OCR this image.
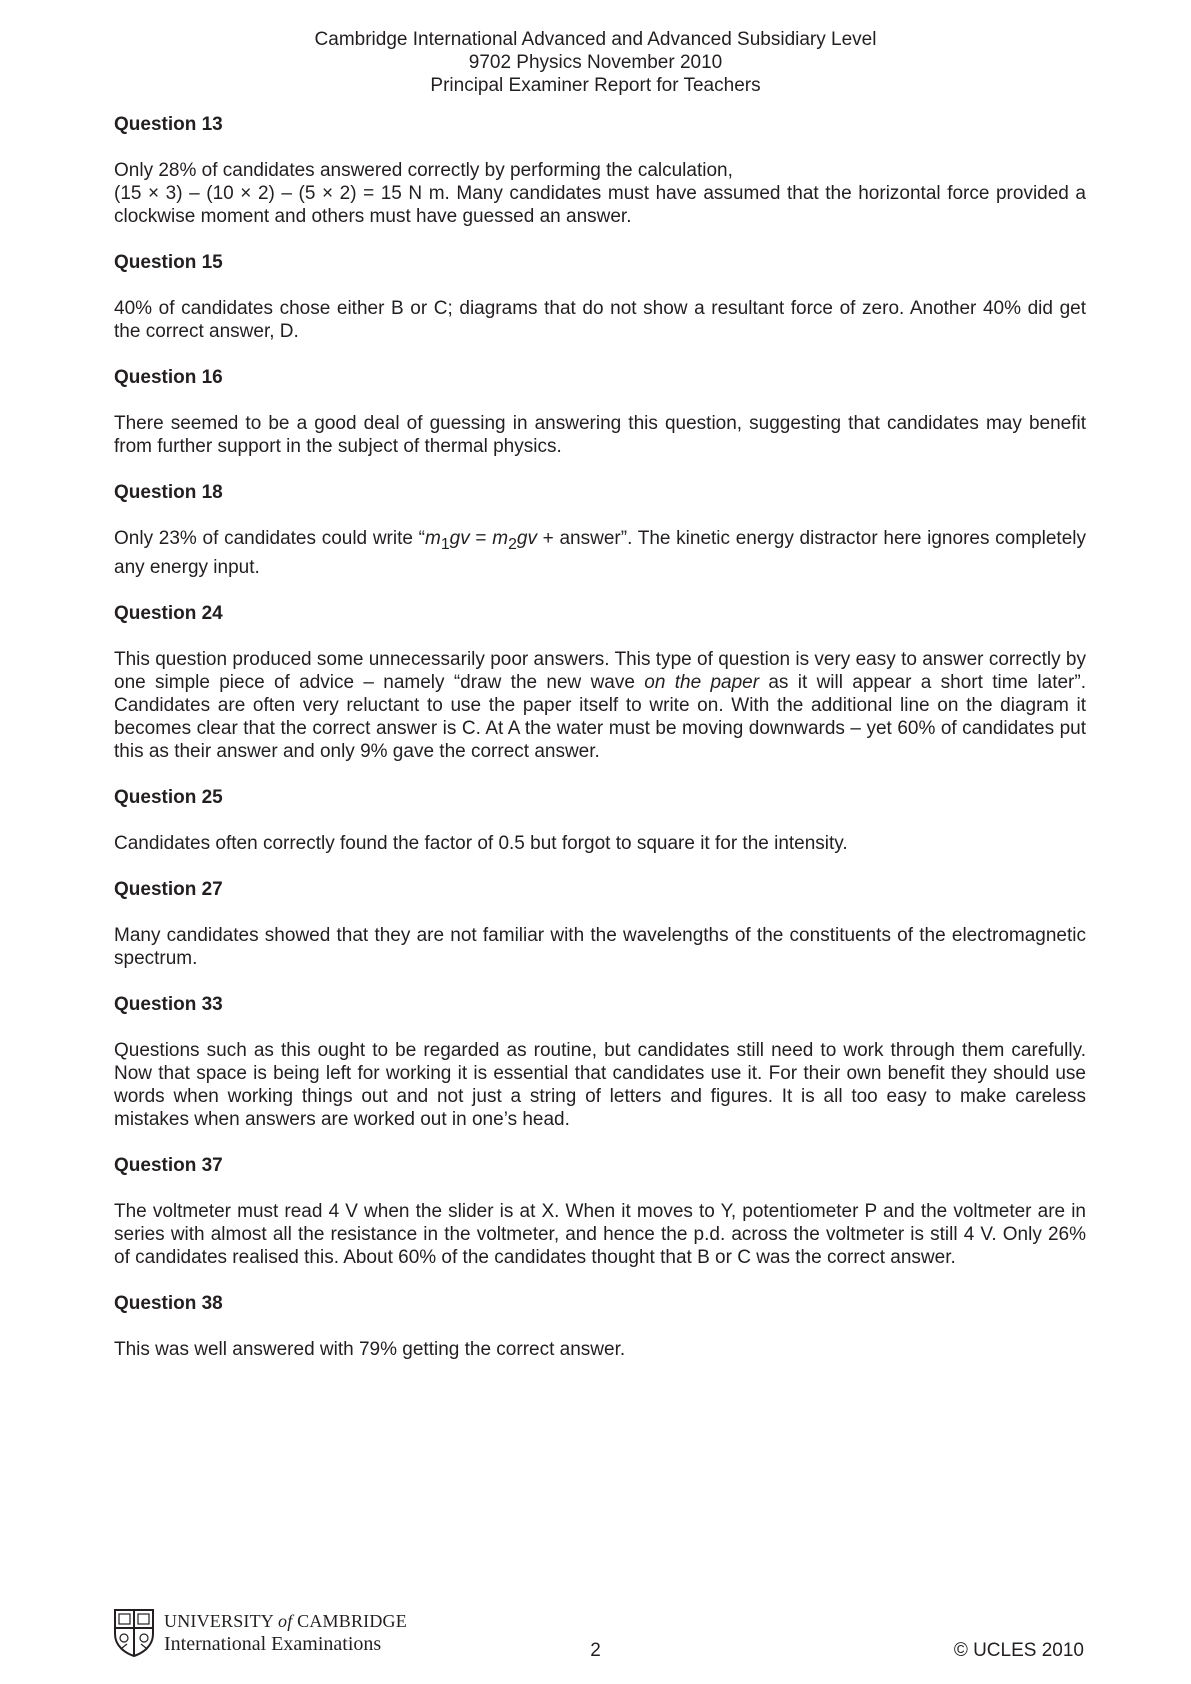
Cambridge International Advanced and Advanced Subsidiary Level
9702 Physics November 2010
Principal Examiner Report for Teachers
Question 13

Only 28% of candidates answered correctly by performing the calculation,

(15 × 3) – (10 × 2) – (5 × 2) = 15 N m. Many candidates must have assumed that the horizontal force provided a clockwise moment and others must have guessed an answer.

Question 15

40% of candidates chose either B or C; diagrams that do not show a resultant force of zero. Another 40% did get the correct answer, D.

Question 16

There seemed to be a good deal of guessing in answering this question, suggesting that candidates may benefit from further support in the subject of thermal physics.

Question 18

Only 23% of candidates could write “$m_1gv = m_2gv$ + answer”. The kinetic energy distractor here ignores completely any energy input.

Question 24

This question produced some unnecessarily poor answers. This type of question is very easy to answer correctly by one simple piece of advice – namely “draw the new wave on the paper as it will appear a short time later”. Candidates are often very reluctant to use the paper itself to write on. With the additional line on the diagram it becomes clear that the correct answer is C. At A the water must be moving downwards – yet 60% of candidates put this as their answer and only 9% gave the correct answer.

Question 25

Candidates often correctly found the factor of 0.5 but forgot to square it for the intensity.

Question 27

Many candidates showed that they are not familiar with the wavelengths of the constituents of the electromagnetic spectrum.

Question 33

Questions such as this ought to be regarded as routine, but candidates still need to work through them carefully. Now that space is being left for working it is essential that candidates use it. For their own benefit they should use words when working things out and not just a string of letters and figures. It is all too easy to make careless mistakes when answers are worked out in one’s head.

Question 37

The voltmeter must read 4 V when the slider is at X. When it moves to Y, potentiometer P and the voltmeter are in series with almost all the resistance in the voltmeter, and hence the p.d. across the voltmeter is still 4 V. Only 26% of candidates realised this. About 60% of the candidates thought that B or C was the correct answer.

Question 38

This was well answered with 79% getting the correct answer.

UNIVERSITY of CAMBRIDGE
International Examinations	2	© UCLES 2010
